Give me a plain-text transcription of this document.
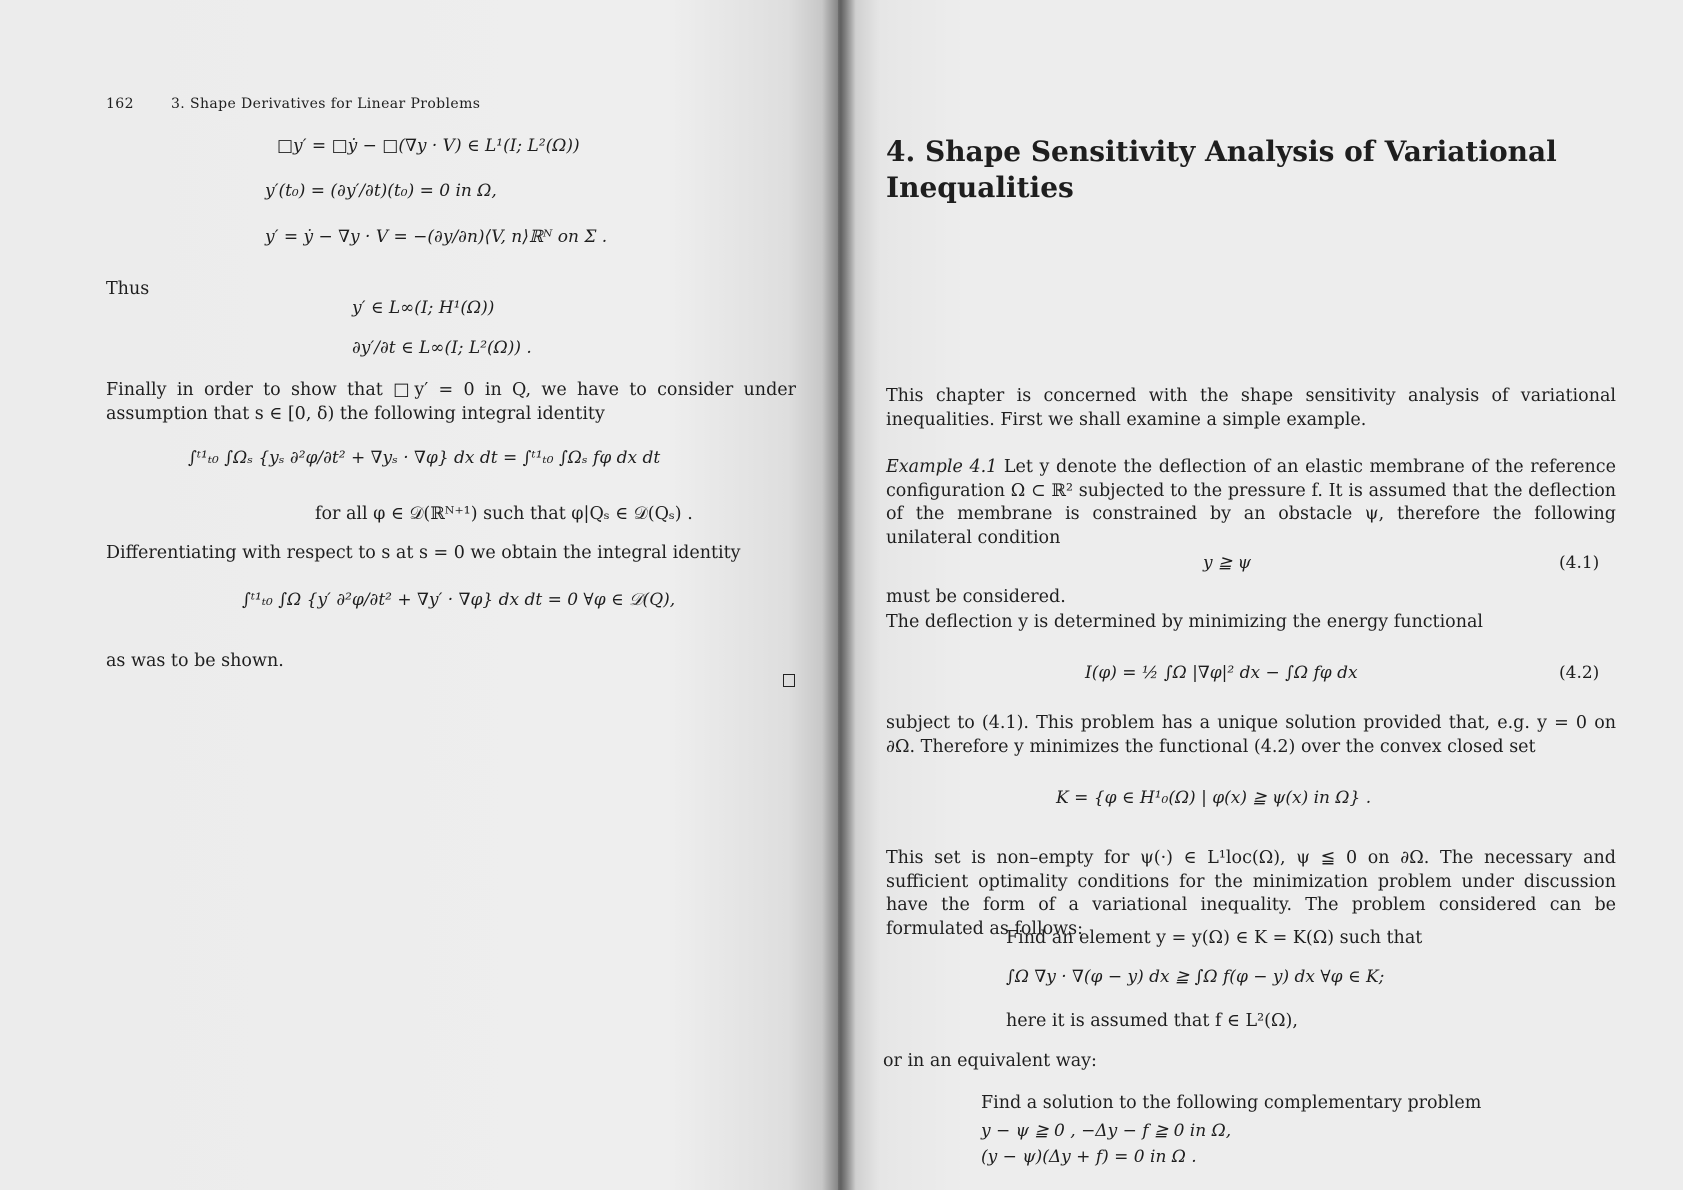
162	3. Shape Derivatives for Linear Problems
□y′ = □ẏ − □(∇y · V) ∈ L¹(I; L²(Ω))
y′(t₀) = (∂y′/∂t)(t₀) = 0 in Ω,
y′ = ẏ − ∇y · V = −(∂y/∂n)⟨V, n⟩ℝᴺ on Σ .
Thus
y′ ∈ L∞(I; H¹(Ω))
∂y′/∂t ∈ L∞(I; L²(Ω)) .
Finally in order to show that □y′ = 0 in Q, we have to consider under assumption that s ∈ [0, δ) the following integral identity
∫ᵗ¹ₜ₀ ∫Ωₛ {yₛ ∂²φ/∂t² + ∇yₛ · ∇φ} dx dt = ∫ᵗ¹ₜ₀ ∫Ωₛ fφ dx dt
for all φ ∈ 𝒟(ℝᴺ⁺¹) such that φ|Qₛ ∈ 𝒟(Qₛ) .
Differentiating with respect to s at s = 0 we obtain the integral identity
∫ᵗ¹ₜ₀ ∫Ω {y′ ∂²φ/∂t² + ∇y′ · ∇φ} dx dt = 0 ∀φ ∈ 𝒟(Q),
as was to be shown.
4. Shape Sensitivity Analysis of Variational Inequalities
This chapter is concerned with the shape sensitivity analysis of variational inequalities. First we shall examine a simple example.
Example 4.1 Let y denote the deflection of an elastic membrane of the reference configuration Ω ⊂ ℝ² subjected to the pressure f. It is assumed that the deflection of the membrane is constrained by an obstacle ψ, therefore the following unilateral condition
y ≧ ψ	(4.1)
must be considered.
The deflection y is determined by minimizing the energy functional
I(φ) = ½ ∫Ω |∇φ|² dx − ∫Ω fφ dx	(4.2)
subject to (4.1). This problem has a unique solution provided that, e.g. y = 0 on ∂Ω. Therefore y minimizes the functional (4.2) over the convex closed set
K = {φ ∈ H¹₀(Ω) | φ(x) ≧ ψ(x) in Ω} .
This set is non–empty for ψ(·) ∈ L¹loc(Ω), ψ ≦ 0 on ∂Ω. The necessary and sufficient optimality conditions for the minimization problem under discussion have the form of a variational inequality. The problem considered can be formulated as follows:
Find an element y = y(Ω) ∈ K = K(Ω) such that
∫Ω ∇y · ∇(φ − y) dx ≧ ∫Ω f(φ − y) dx ∀φ ∈ K;
here it is assumed that f ∈ L²(Ω),
or in an equivalent way:
Find a solution to the following complementary problem
y − ψ ≧ 0 , −Δy − f ≧ 0 in Ω,
(y − ψ)(Δy + f) = 0 in Ω .
